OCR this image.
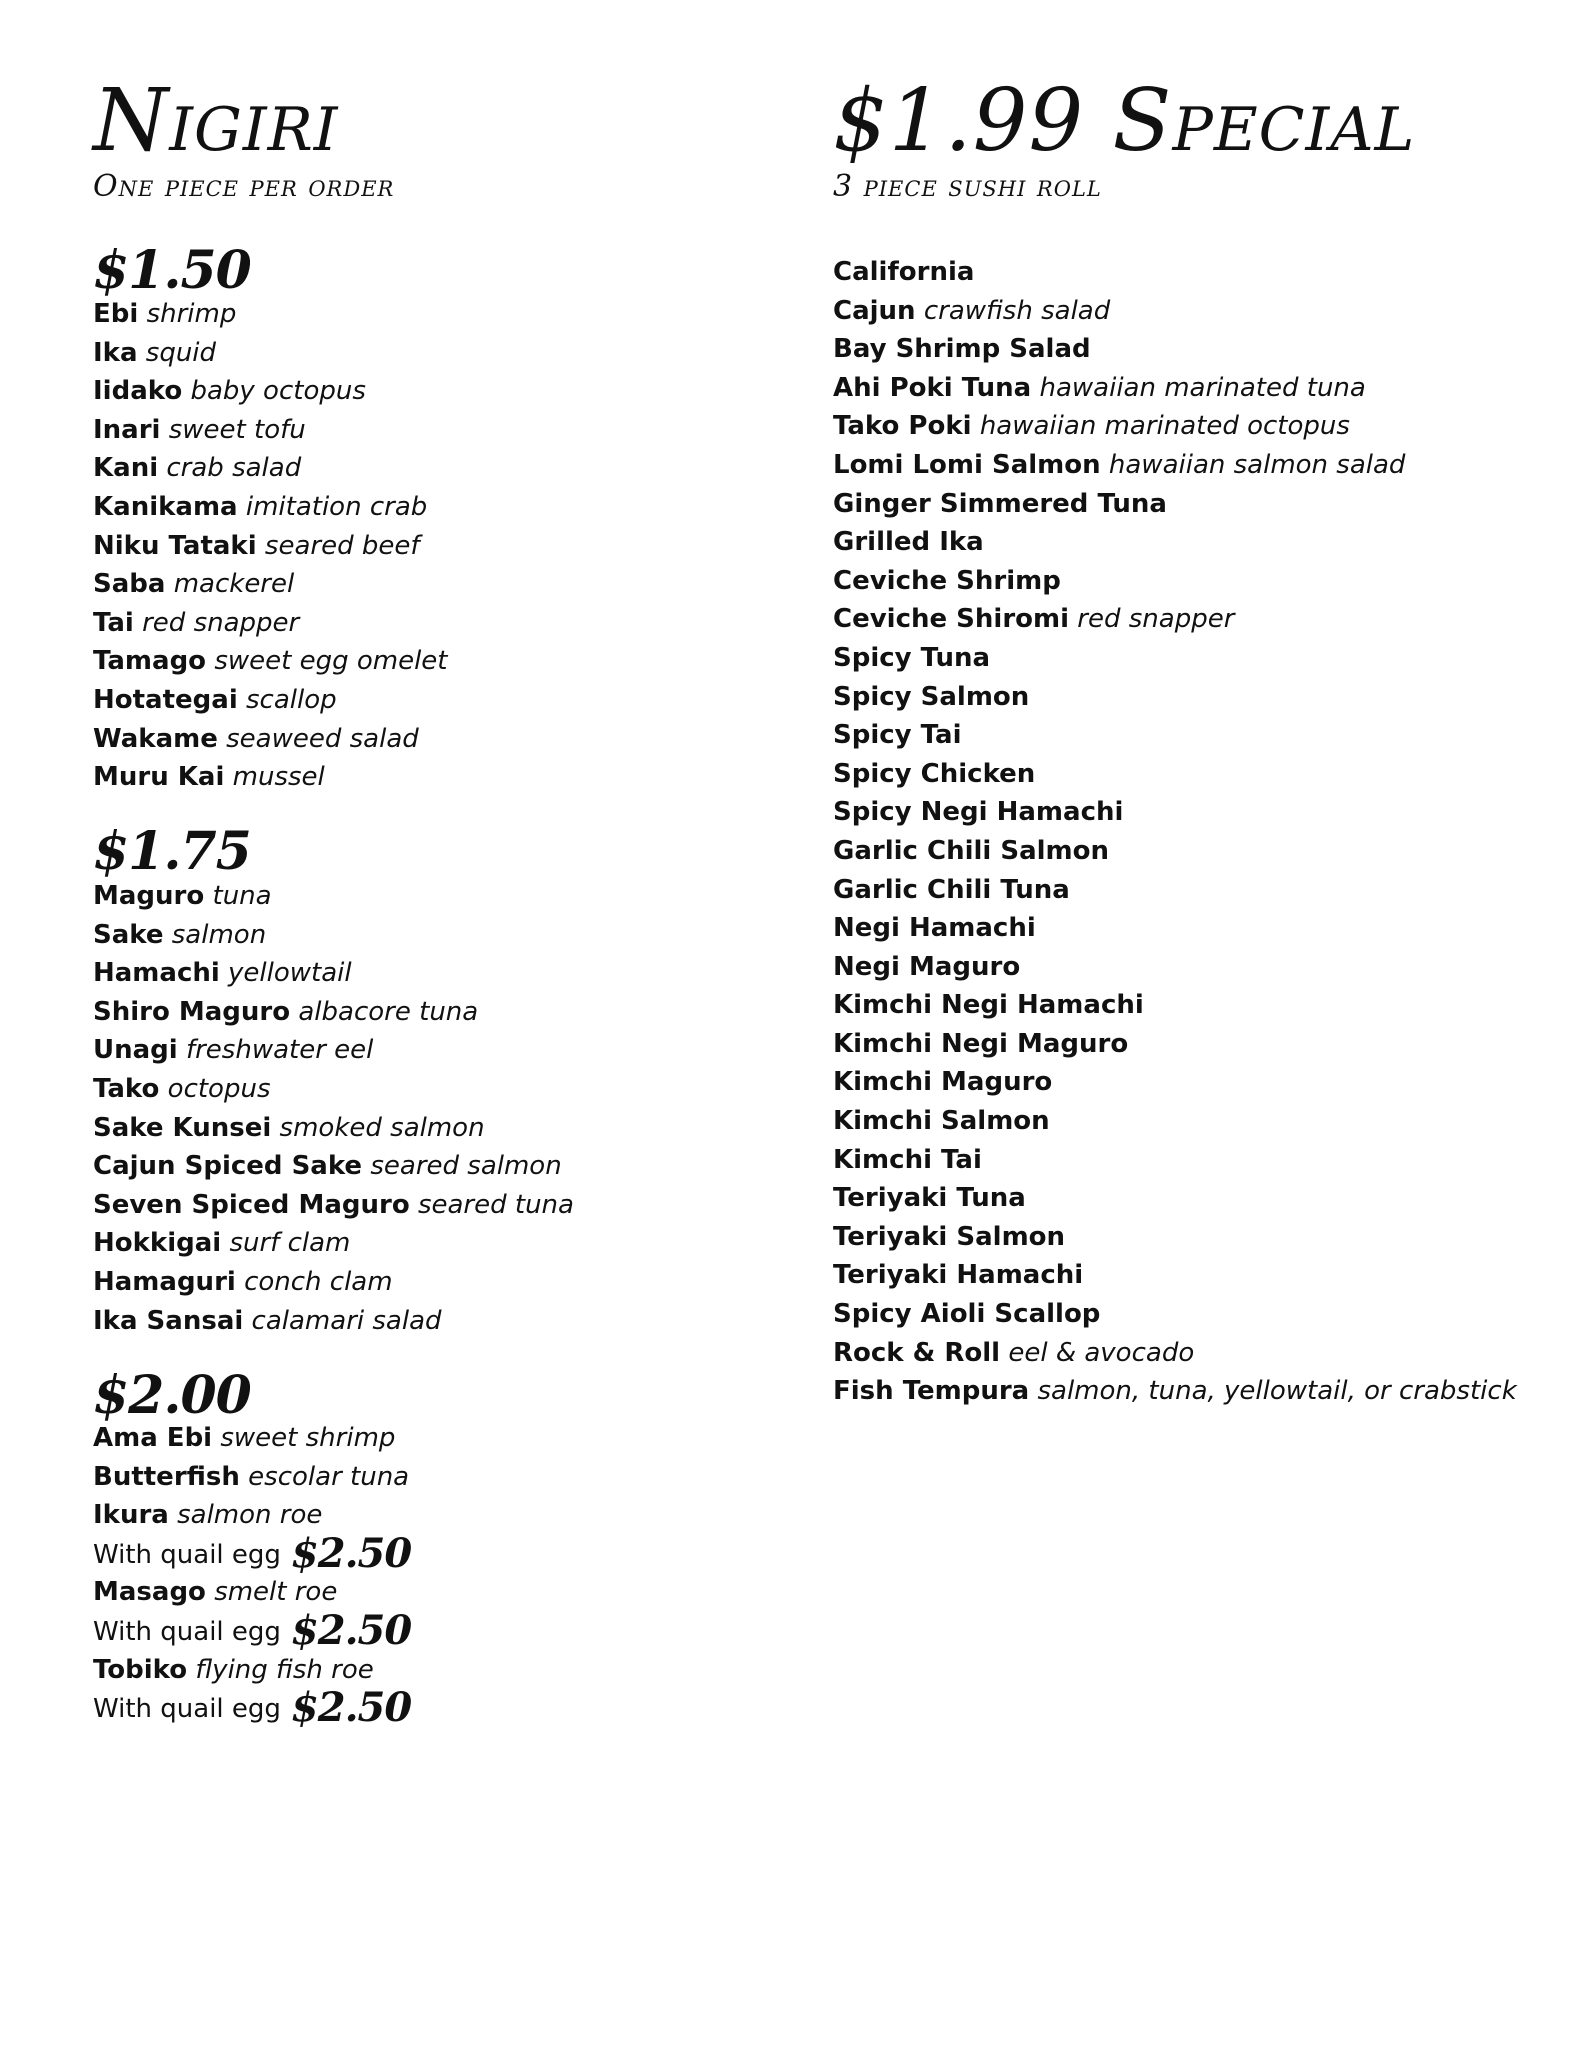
Nigiri
One piece per order
$1.50
Ebi shrimp
Ika squid
Iidako baby octopus
Inari sweet tofu
Kani crab salad
Kanikama imitation crab
Niku Tataki seared beef
Saba mackerel
Tai red snapper
Tamago sweet egg omelet
Hotategai scallop
Wakame seaweed salad
Muru Kai mussel
$1.75
Maguro tuna
Sake salmon
Hamachi yellowtail
Shiro Maguro albacore tuna
Unagi freshwater eel
Tako octopus
Sake Kunsei smoked salmon
Cajun Spiced Sake seared salmon
Seven Spiced Maguro seared tuna
Hokkigai surf clam
Hamaguri conch clam
Ika Sansai calamari salad
$2.00
Ama Ebi sweet shrimp
Butterfish escolar tuna
Ikura salmon roe
With quail egg $2.50
Masago smelt roe
With quail egg $2.50
Tobiko flying fish roe
With quail egg $2.50
$1.99 Special
3 piece sushi roll
California
Cajun crawfish salad
Bay Shrimp Salad
Ahi Poki Tuna hawaiian marinated tuna
Tako Poki hawaiian marinated octopus
Lomi Lomi Salmon hawaiian salmon salad
Ginger Simmered Tuna
Grilled Ika
Ceviche Shrimp
Ceviche Shiromi red snapper
Spicy Tuna
Spicy Salmon
Spicy Tai
Spicy Chicken
Spicy Negi Hamachi
Garlic Chili Salmon
Garlic Chili Tuna
Negi Hamachi
Negi Maguro
Kimchi Negi Hamachi
Kimchi Negi Maguro
Kimchi Maguro
Kimchi Salmon
Kimchi Tai
Teriyaki Tuna
Teriyaki Salmon
Teriyaki Hamachi
Spicy Aioli Scallop
Rock & Roll eel & avocado
Fish Tempura salmon, tuna, yellowtail, or crabstick
